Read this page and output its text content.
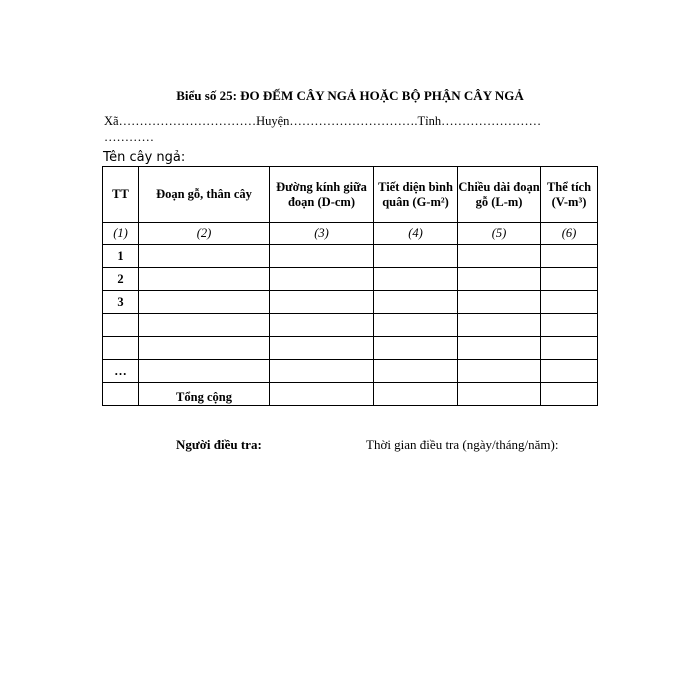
Biểu số 25: ĐO ĐẾM CÂY NGẢ HOẶC BỘ PHẬN CÂY NGẢ
Xã……………………………Huyện………………………….Tỉnh……………………
…………
Tên cây ngả:
TT	Đoạn gỗ, thân cây	Đường kính giữa đoạn (D-cm)	Tiết diện bình quân (G-m²)	Chiều dài đoạn gỗ (L-m)	Thể tích (V-m³)
(1)	(2)	(3)	(4)	(5)	(6)
1					
2					
3					

…					
	Tổng cộng				
Người điều tra:	Thời gian điều tra (ngày/tháng/năm):
